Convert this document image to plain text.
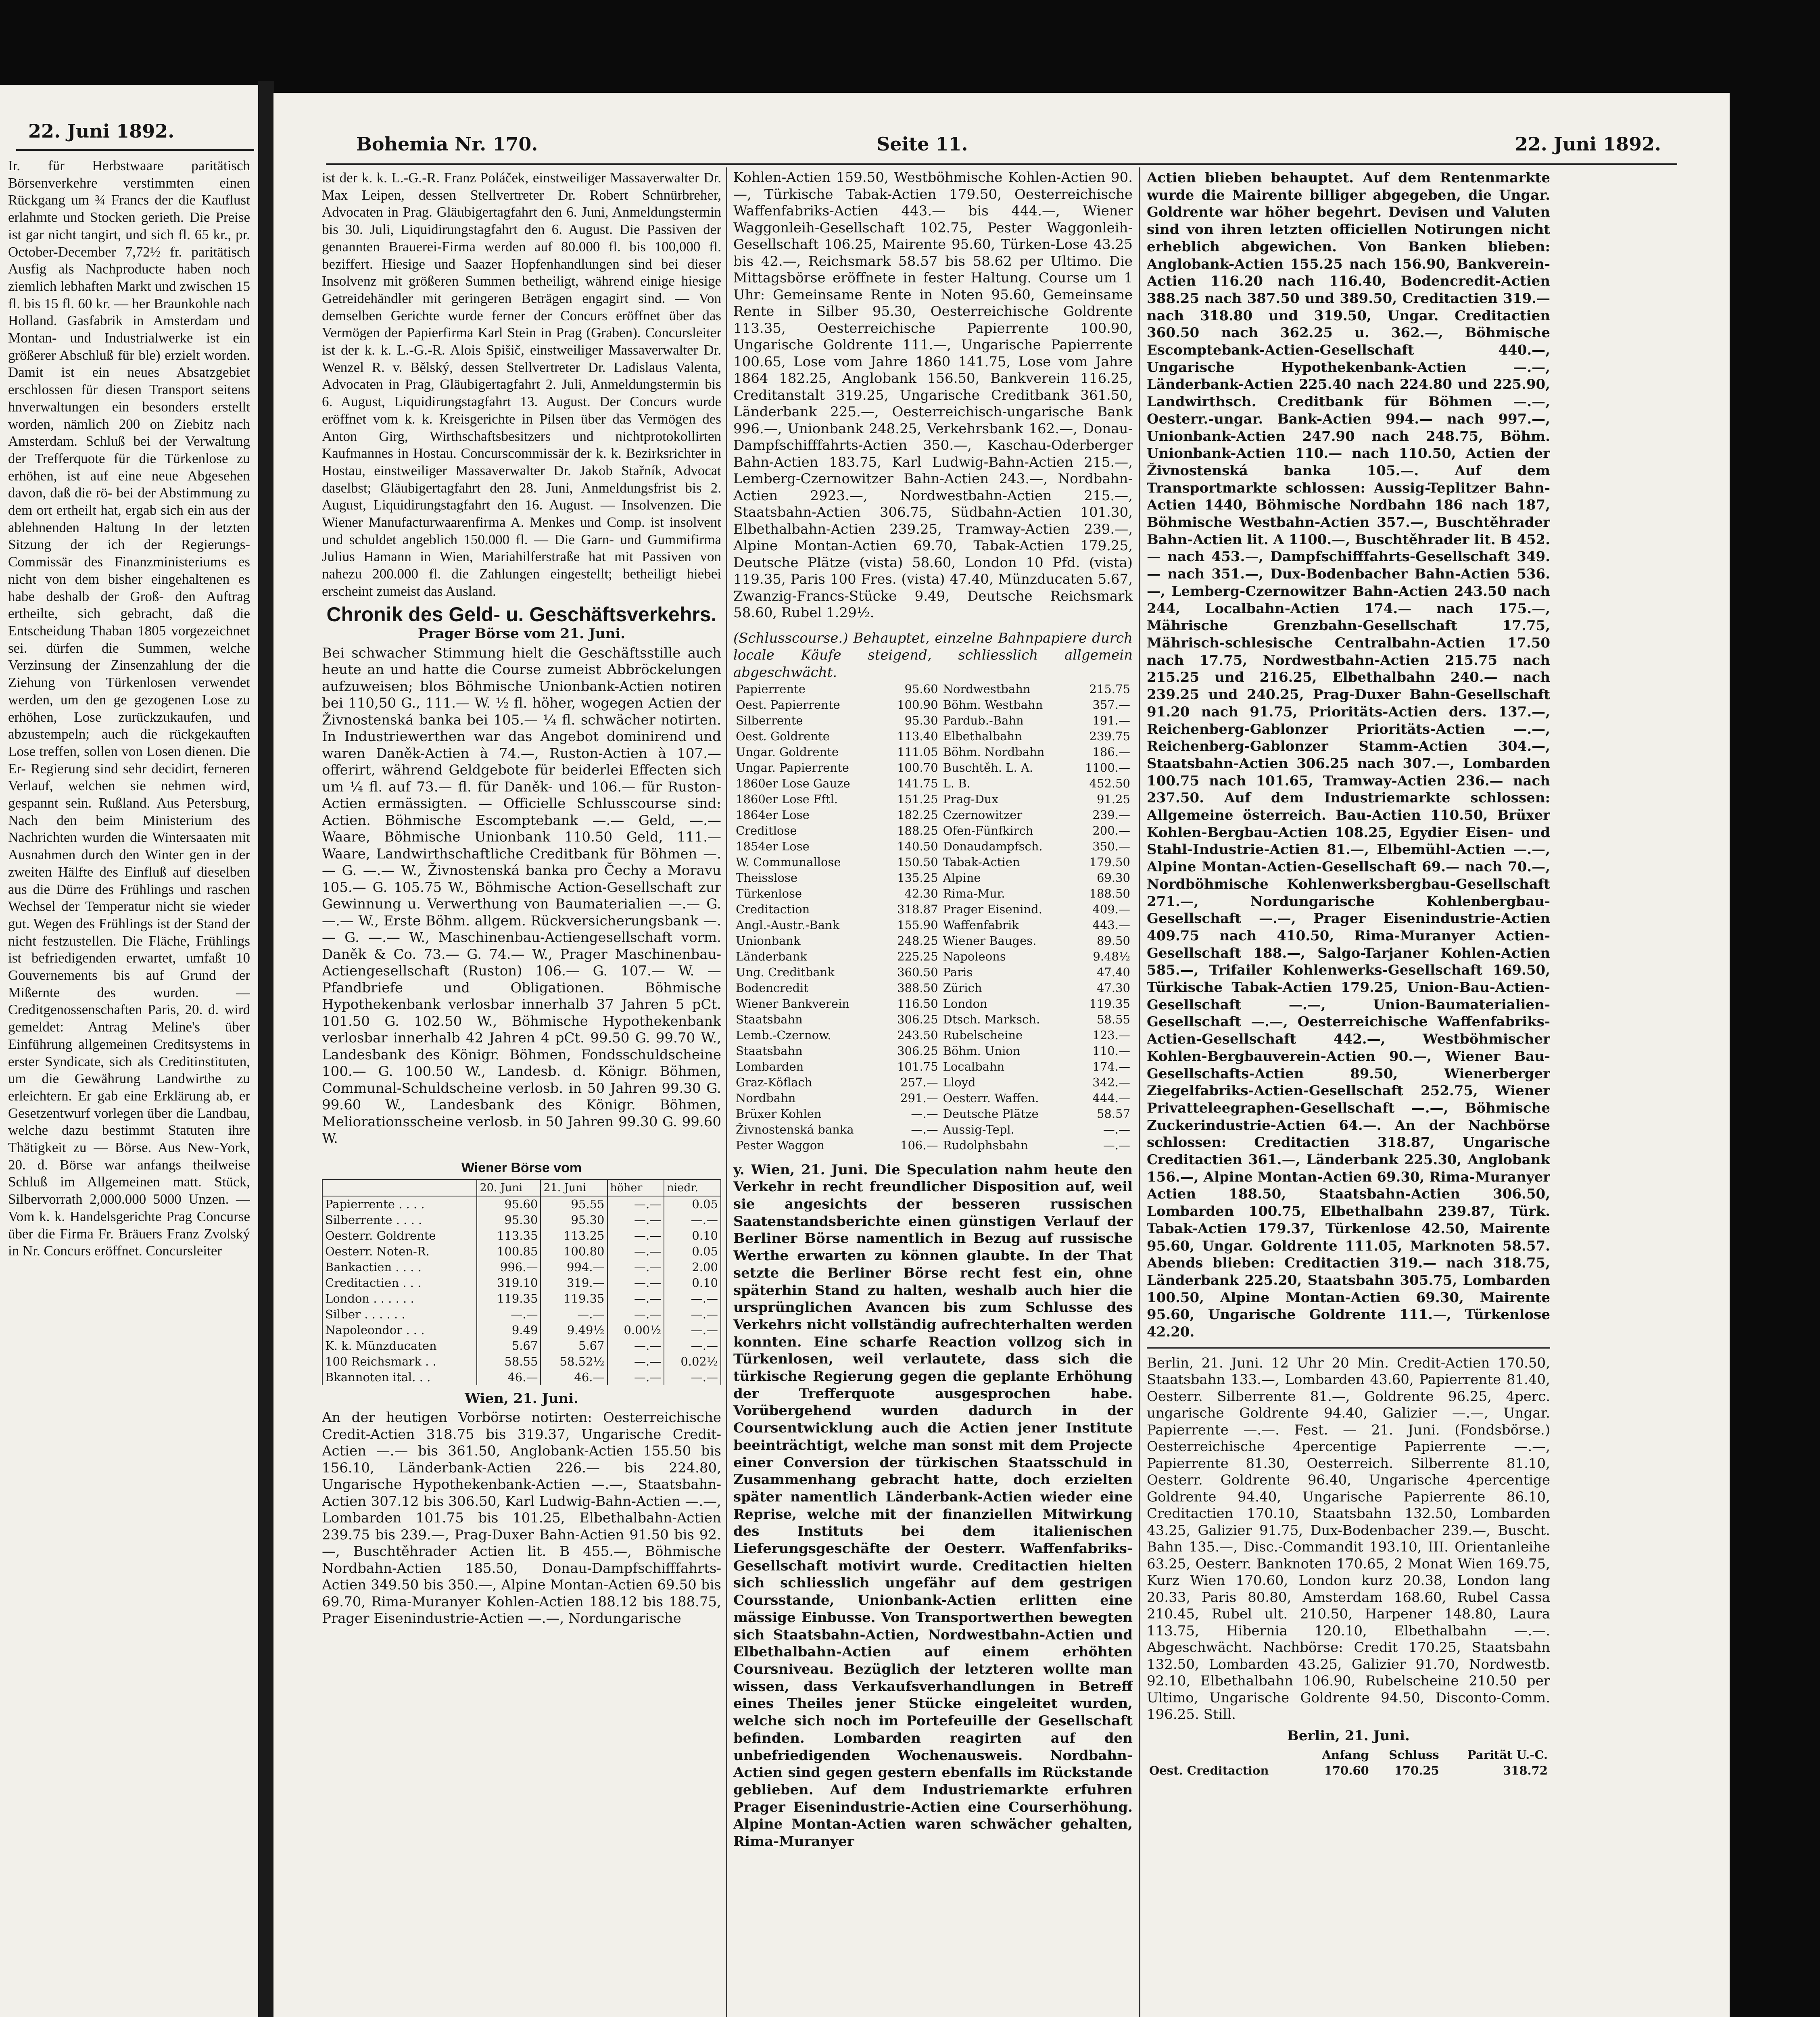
22. Juni 1892.
Ir. für Herbstwaare paritätisch Börsenverkehre verstimmten einen Rückgang um ¾ Francs der die Kauflust erlahmte und Stocken gerieth. Die Preise ist gar nicht tangirt, und sich fl. 65 kr., pr. October-December 7,72½ fr. paritätisch Ausfig als Nachproducte haben noch ziemlich lebhaften Markt und zwischen 15 fl. bis 15 fl. 60 kr. — her Braunkohle nach Holland. Gasfabrik in Amsterdam und Montan- und Industrialwerke ist ein größerer Abschluß für ble) erzielt worden. Damit ist ein neues Absatzgebiet erschlossen für diesen Transport seitens hnverwaltungen ein besonders erstellt worden, nämlich 200 on Ziebitz nach Amsterdam. Schluß bei der Verwaltung der Trefferquote für die Türkenlose zu erhöhen, ist auf eine neue Abgesehen davon, daß die rö- bei der Abstimmung zu dem ort ertheilt hat, ergab sich ein aus der ablehnenden Haltung In der letzten Sitzung der ich der Regierungs-Commissär des Finanzministeriums es nicht von dem bisher eingehaltenen es habe deshalb der Groß- den Auftrag ertheilte, sich gebracht, daß die Entscheidung Thaban 1805 vorgezeichnet sei. dürfen die Summen, welche Verzinsung der Zinsenzahlung der die Ziehung von Türkenlosen verwendet werden, um den ge gezogenen Lose zu erhöhen, Lose zurückzukaufen, und abzustempeln; auch die rückgekauften Lose treffen, sollen von Losen dienen. Die Er- Regierung sind sehr decidirt, ferneren Verlauf, welchen sie nehmen wird, gespannt sein. Rußland. Aus Petersburg, Nach den beim Ministerium des Nachrichten wurden die Wintersaaten mit Ausnahmen durch den Winter gen in der zweiten Hälfte des Einfluß auf dieselben aus die Dürre des Frühlings und raschen Wechsel der Temperatur nicht sie wieder gut. Wegen des Frühlings ist der Stand der nicht festzustellen. Die Fläche, Frühlings ist befriedigenden erwartet, umfaßt 10 Gouvernements bis auf Grund der Mißernte des wurden. — Creditgenossenschaften Paris, 20. d. wird gemeldet: Antrag Meline's über Einführung allgemeinen Creditsystems in erster Syndicate, sich als Creditinstituten, um die Gewährung Landwirthe zu erleichtern. Er gab eine Erklärung ab, er Gesetzentwurf vorlegen über die Landbau, welche dazu bestimmt Statuten ihre Thätigkeit zu — Börse. Aus New-York, 20. d. Börse war anfangs theilweise Schluß im Allgemeinen matt. Stück, Silbervorrath 2,000.000 5000 Unzen. — Vom k. k. Handelsgerichte Prag Concurse über die Firma Fr. Bräuers Franz Zvolský in Nr. Concurs eröffnet. Concursleiter
Bohemia Nr. 170.	Seite 11.	22. Juni 1892.
ist der k. k. L.-G.-R. Franz Poláček, einstweiliger Massaverwalter Dr. Max Leipen, dessen Stellvertreter Dr. Robert Schnürbreher, Advocaten in Prag. Gläubigertagfahrt den 6. Juni, Anmeldungstermin bis 30. Juli, Liquidirungstagfahrt den 6. August. Die Passiven der genannten Brauerei-Firma werden auf 80.000 fl. bis 100,000 fl. beziffert. Hiesige und Saazer Hopfenhandlungen sind bei dieser Insolvenz mit größeren Summen betheiligt, während einige hiesige Getreidehändler mit geringeren Beträgen engagirt sind. — Von demselben Gerichte wurde ferner der Concurs eröffnet über das Vermögen der Papierfirma Karl Stein in Prag (Graben). Concursleiter ist der k. k. L.-G.-R. Alois Spišič, einstweiliger Massaverwalter Dr. Wenzel R. v. Bělský, dessen Stellvertreter Dr. Ladislaus Valenta, Advocaten in Prag, Gläubigertagfahrt 2. Juli, Anmeldungstermin bis 6. August, Liquidirungstagfahrt 13. August. Der Concurs wurde eröffnet vom k. k. Kreisgerichte in Pilsen über das Vermögen des Anton Girg, Wirthschaftsbesitzers und nichtprotokollirten Kaufmannes in Hostau. Concurscommissär der k. k. Bezirksrichter in Hostau, einstweiliger Massaverwalter Dr. Jakob Stařník, Advocat daselbst; Gläubigertagfahrt den 28. Juni, Anmeldungsfrist bis 2. August, Liquidirungstagfahrt den 16. August. — Insolvenzen. Die Wiener Manufacturwaarenfirma A. Menkes und Comp. ist insolvent und schuldet angeblich 150.000 fl. — Die Garn- und Gummifirma Julius Hamann in Wien, Mariahilferstraße hat mit Passiven von nahezu 200.000 fl. die Zahlungen eingestellt; betheiligt hiebei erscheint zumeist das Ausland.
Chronik des Geld- u. Geschäftsverkehrs.
Prager Börse vom 21. Juni.
Bei schwacher Stimmung hielt die Geschäftsstille auch heute an und hatte die Course zumeist Abbröckelungen aufzuweisen; blos Böhmische Unionbank-Actien notiren bei 110,50 G., 111.— W. ½ fl. höher, wogegen Actien der Živnostenská banka bei 105.— ¼ fl. schwächer notirten. In Industriewerthen war das Angebot dominirend und waren Daněk-Actien à 74.—, Ruston-Actien à 107.— offerirt, während Geldgebote für beiderlei Effecten sich um ¼ fl. auf 73.— fl. für Daněk- und 106.— für Ruston-Actien ermässigten. — Officielle Schlusscourse sind: Actien. Böhmische Escomptebank —.— Geld, —.— Waare, Böhmische Unionbank 110.50 Geld, 111.— Waare, Landwirthschaftliche Creditbank für Böhmen —.— G. —.— W., Živnostenská banka pro Čechy a Moravu 105.— G. 105.75 W., Böhmische Action-Gesellschaft zur Gewinnung u. Verwerthung von Baumaterialien —.— G. —.— W., Erste Böhm. allgem. Rückversicherungsbank —.— G. —.— W., Maschinenbau-Actiengesellschaft vorm. Daněk & Co. 73.— G. 74.— W., Prager Maschinenbau-Actiengesellschaft (Ruston) 106.— G. 107.— W. — Pfandbriefe und Obligationen. Böhmische Hypothekenbank verlosbar innerhalb 37 Jahren 5 pCt. 101.50 G. 102.50 W., Böhmische Hypothekenbank verlosbar innerhalb 42 Jahren 4 pCt. 99.50 G. 99.70 W., Landesbank des Königr. Böhmen, Fondsschuldscheine 100.— G. 100.50 W., Landesb. d. Königr. Böhmen, Communal-Schuldscheine verlosb. in 50 Jahren 99.30 G. 99.60 W., Landesbank des Königr. Böhmen, Meliorationsscheine verlosb. in 50 Jahren 99.30 G. 99.60 W.
Wiener Börse vom
	20. Juni	21. Juni	höher	niedr.
Papierrente . . . .	95.60	95.55	—.—	0.05
Silberrente . . . .	95.30	95.30	—.—	—.—
Oesterr. Goldrente	113.35	113.25	—.—	0.10
Oesterr. Noten-R.	100.85	100.80	—.—	0.05
Bankactien . . . .	996.—	994.—	—.—	2.00
Creditactien . . .	319.10	319.—	—.—	0.10
London . . . . . .	119.35	119.35	—.—	—.—
Silber . . . . . .	—.—	—.—	—.—	—.—
Napoleondor . . .	9.49	9.49½	0.00½	—.—
K. k. Münzducaten	5.67	5.67	—.—	—.—
100 Reichsmark . .	58.55	58.52½	—.—	0.02½
Bkannoten ital. . .	46.—	46.—	—.—	—.—
Wien, 21. Juni.
An der heutigen Vorbörse notirten: Oesterreichische Credit-Actien 318.75 bis 319.37, Ungarische Credit-Actien —.— bis 361.50, Anglobank-Actien 155.50 bis 156.10, Länderbank-Actien 226.— bis 224.80, Ungarische Hypothekenbank-Actien —.—, Staatsbahn-Actien 307.12 bis 306.50, Karl Ludwig-Bahn-Actien —.—, Lombarden 101.75 bis 101.25, Elbethalbahn-Actien 239.75 bis 239.—, Prag-Duxer Bahn-Actien 91.50 bis 92.—, Buschtěhrader Actien lit. B 455.—, Böhmische Nordbahn-Actien 185.50, Donau-Dampfschifffahrts-Actien 349.50 bis 350.—, Alpine Montan-Actien 69.50 bis 69.70, Rima-Muranyer Kohlen-Actien 188.12 bis 188.75, Prager Eisenindustrie-Actien —.—, Nordungarische
Kohlen-Actien 159.50, Westböhmische Kohlen-Actien 90.—, Türkische Tabak-Actien 179.50, Oesterreichische Waffenfabriks-Actien 443.— bis 444.—, Wiener Waggonleih-Gesellschaft 102.75, Pester Waggonleih-Gesellschaft 106.25, Mairente 95.60, Türken-Lose 43.25 bis 42.—, Reichsmark 58.57 bis 58.62 per Ultimo. Die Mittagsbörse eröffnete in fester Haltung. Course um 1 Uhr: Gemeinsame Rente in Noten 95.60, Gemeinsame Rente in Silber 95.30, Oesterreichische Goldrente 113.35, Oesterreichische Papierrente 100.90, Ungarische Goldrente 111.—, Ungarische Papierrente 100.65, Lose vom Jahre 1860 141.75, Lose vom Jahre 1864 182.25, Anglobank 156.50, Bankverein 116.25, Creditanstalt 319.25, Ungarische Creditbank 361.50, Länderbank 225.—, Oesterreichisch-ungarische Bank 996.—, Unionbank 248.25, Verkehrsbank 162.—, Donau-Dampfschifffahrts-Actien 350.—, Kaschau-Oderberger Bahn-Actien 183.75, Karl Ludwig-Bahn-Actien 215.—, Lemberg-Czernowitzer Bahn-Actien 243.—, Nordbahn-Actien 2923.—, Nordwestbahn-Actien 215.—, Staatsbahn-Actien 306.75, Südbahn-Actien 101.30, Elbethalbahn-Actien 239.25, Tramway-Actien 239.—, Alpine Montan-Actien 69.70, Tabak-Actien 179.25, Deutsche Plätze (vista) 58.60, London 10 Pfd. (vista) 119.35, Paris 100 Fres. (vista) 47.40, Münzducaten 5.67, Zwanzig-Francs-Stücke 9.49, Deutsche Reichsmark 58.60, Rubel 1.29½.
(Schlusscourse.) Behauptet, einzelne Bahnpapiere durch locale Käufe steigend, schliesslich allgemein abgeschwächt.
Papierrente	95.60	Nordwestbahn	215.75
Oest. Papierrente	100.90	Böhm. Westbahn	357.—
Silberrente	95.30	Pardub.-Bahn	191.—
Oest. Goldrente	113.40	Elbethalbahn	239.75
Ungar. Goldrente	111.05	Böhm. Nordbahn	186.—
Ungar. Papierrente	100.70	Buschtěh. L. A.	1100.—
1860er Lose Gauze	141.75	L. B.	452.50
1860er Lose Fftl.	151.25	Prag-Dux	91.25
1864er Lose	182.25	Czernowitzer	239.—
Creditlose	188.25	Ofen-Fünfkirch	200.—
1854er Lose	140.50	Donaudampfsch.	350.—
W. Communallose	150.50	Tabak-Actien	179.50
Theisslose	135.25	Alpine	69.30
Türkenlose	42.30	Rima-Mur.	188.50
Creditaction	318.87	Prager Eisenind.	409.—
Angl.-Austr.-Bank	155.90	Waffenfabrik	443.—
Unionbank	248.25	Wiener Bauges.	89.50
Länderbank	225.25	Napoleons	9.48½
Ung. Creditbank	360.50	Paris	47.40
Bodencredit	388.50	Zürich	47.30
Wiener Bankverein	116.50	London	119.35
Staatsbahn	306.25	Dtsch. Marksch.	58.55
Lemb.-Czernow.	243.50	Rubelscheine	123.—
Staatsbahn	306.25	Böhm. Union	110.—
Lombarden	101.75	Localbahn	174.—
Graz-Köflach	257.—	Lloyd	342.—
Nordbahn	291.—	Oesterr. Waffen.	444.—
Brüxer Kohlen	—.—	Deutsche Plätze	58.57
Živnostenská banka	—.—	Aussig-Tepl.	—.—
Pester Waggon	106.—	Rudolphsbahn	—.—
y. Wien, 21. Juni. Die Speculation nahm heute den Verkehr in recht freundlicher Disposition auf, weil sie angesichts der besseren russischen Saatenstandsberichte einen günstigen Verlauf der Berliner Börse namentlich in Bezug auf russische Werthe erwarten zu können glaubte. In der That setzte die Berliner Börse recht fest ein, ohne späterhin Stand zu halten, weshalb auch hier die ursprünglichen Avancen bis zum Schlusse des Verkehrs nicht vollständig aufrechterhalten werden konnten. Eine scharfe Reaction vollzog sich in Türkenlosen, weil verlautete, dass sich die türkische Regierung gegen die geplante Erhöhung der Trefferquote ausgesprochen habe. Vorübergehend wurden dadurch in der Coursentwicklung auch die Actien jener Institute beeinträchtigt, welche man sonst mit dem Projecte einer Conversion der türkischen Staatsschuld in Zusammenhang gebracht hatte, doch erzielten später namentlich Länderbank-Actien wieder eine Reprise, welche mit der finanziellen Mitwirkung des Instituts bei dem italienischen Lieferungsgeschäfte der Oesterr. Waffenfabriks-Gesellschaft motivirt wurde. Creditactien hielten sich schliesslich ungefähr auf dem gestrigen Coursstande, Unionbank-Actien erlitten eine mässige Einbusse. Von Transportwerthen bewegten sich Staatsbahn-Actien, Nordwestbahn-Actien und Elbethalbahn-Actien auf einem erhöhten Coursniveau. Bezüglich der letzteren wollte man wissen, dass Verkaufsverhandlungen in Betreff eines Theiles jener Stücke eingeleitet wurden, welche sich noch im Portefeuille der Gesellschaft befinden. Lombarden reagirten auf den unbefriedigenden Wochenausweis. Nordbahn-Actien sind gegen gestern ebenfalls im Rückstande geblieben. Auf dem Industriemarkte erfuhren Prager Eisenindustrie-Actien eine Courserhöhung. Alpine Montan-Actien waren schwächer gehalten, Rima-Muranyer
Actien blieben behauptet. Auf dem Rentenmarkte wurde die Mairente billiger abgegeben, die Ungar. Goldrente war höher begehrt. Devisen und Valuten sind von ihren letzten officiellen Notirungen nicht erheblich abgewichen. Von Banken blieben: Anglobank-Actien 155.25 nach 156.90, Bankverein-Actien 116.20 nach 116.40, Bodencredit-Actien 388.25 nach 387.50 und 389.50, Creditactien 319.— nach 318.80 und 319.50, Ungar. Creditactien 360.50 nach 362.25 u. 362.—, Böhmische Escomptebank-Actien-Gesellschaft 440.—, Ungarische Hypothekenbank-Actien —.—, Länderbank-Actien 225.40 nach 224.80 und 225.90, Landwirthsch. Creditbank für Böhmen —.—, Oesterr.-ungar. Bank-Actien 994.— nach 997.—, Unionbank-Actien 247.90 nach 248.75, Böhm. Unionbank-Actien 110.— nach 110.50, Actien der Živnostenská banka 105.—. Auf dem Transportmarkte schlossen: Aussig-Teplitzer Bahn-Actien 1440, Böhmische Nordbahn 186 nach 187, Böhmische Westbahn-Actien 357.—, Buschtěhrader Bahn-Actien lit. A 1100.—, Buschtěhrader lit. B 452.— nach 453.—, Dampfschifffahrts-Gesellschaft 349.— nach 351.—, Dux-Bodenbacher Bahn-Actien 536.—, Lemberg-Czernowitzer Bahn-Actien 243.50 nach 244, Localbahn-Actien 174.— nach 175.—, Mährische Grenzbahn-Gesellschaft 17.75, Mährisch-schlesische Centralbahn-Actien 17.50 nach 17.75, Nordwestbahn-Actien 215.75 nach 215.25 und 216.25, Elbethalbahn 240.— nach 239.25 und 240.25, Prag-Duxer Bahn-Gesellschaft 91.20 nach 91.75, Prioritäts-Actien ders. 137.—, Reichenberg-Gablonzer Prioritäts-Actien —.—, Reichenberg-Gablonzer Stamm-Actien 304.—, Staatsbahn-Actien 306.25 nach 307.—, Lombarden 100.75 nach 101.65, Tramway-Actien 236.— nach 237.50. Auf dem Industriemarkte schlossen: Allgemeine österreich. Bau-Actien 110.50, Brüxer Kohlen-Bergbau-Actien 108.25, Egydier Eisen- und Stahl-Industrie-Actien 81.—, Elbemühl-Actien —.—, Alpine Montan-Actien-Gesellschaft 69.— nach 70.—, Nordböhmische Kohlenwerksbergbau-Gesellschaft 271.—, Nordungarische Kohlenbergbau-Gesellschaft —.—, Prager Eisenindustrie-Actien 409.75 nach 410.50, Rima-Muranyer Actien-Gesellschaft 188.—, Salgo-Tarjaner Kohlen-Actien 585.—, Trifailer Kohlenwerks-Gesellschaft 169.50, Türkische Tabak-Actien 179.25, Union-Bau-Actien-Gesellschaft —.—, Union-Baumaterialien-Gesellschaft —.—, Oesterreichische Waffenfabriks-Actien-Gesellschaft 442.—, Westböhmischer Kohlen-Bergbauverein-Actien 90.—, Wiener Bau-Gesellschafts-Actien 89.50, Wienerberger Ziegelfabriks-Actien-Gesellschaft 252.75, Wiener Privatteleegraphen-Gesellschaft —.—, Böhmische Zuckerindustrie-Actien 64.—. An der Nachbörse schlossen: Creditactien 318.87, Ungarische Creditactien 361.—, Länderbank 225.30, Anglobank 156.—, Alpine Montan-Actien 69.30, Rima-Muranyer Actien 188.50, Staatsbahn-Actien 306.50, Lombarden 100.75, Elbethalbahn 239.87, Türk. Tabak-Actien 179.37, Türkenlose 42.50, Mairente 95.60, Ungar. Goldrente 111.05, Marknoten 58.57. Abends blieben: Creditactien 319.— nach 318.75, Länderbank 225.20, Staatsbahn 305.75, Lombarden 100.50, Alpine Montan-Actien 69.30, Mairente 95.60, Ungarische Goldrente 111.—, Türkenlose 42.20.
Berlin, 21. Juni. 12 Uhr 20 Min. Credit-Actien 170.50, Staatsbahn 133.—, Lombarden 43.60, Papierrente 81.40, Oesterr. Silberrente 81.—, Goldrente 96.25, 4perc. ungarische Goldrente 94.40, Galizier —.—, Ungar. Papierrente —.—. Fest. — 21. Juni. (Fondsbörse.) Oesterreichische 4percentige Papierrente —.—, Papierrente 81.30, Oesterreich. Silberrente 81.10, Oesterr. Goldrente 96.40, Ungarische 4percentige Goldrente 94.40, Ungarische Papierrente 86.10, Creditactien 170.10, Staatsbahn 132.50, Lombarden 43.25, Galizier 91.75, Dux-Bodenbacher 239.—, Buscht. Bahn 135.—, Disc.-Commandit 193.10, III. Orientanleihe 63.25, Oesterr. Banknoten 170.65, 2 Monat Wien 169.75, Kurz Wien 170.60, London kurz 20.38, London lang 20.33, Paris 80.80, Amsterdam 168.60, Rubel Cassa 210.45, Rubel ult. 210.50, Harpener 148.80, Laura 113.75, Hibernia 120.10, Elbethalbahn —.—. Abgeschwächt. Nachbörse: Credit 170.25, Staatsbahn 132.50, Lombarden 43.25, Galizier 91.70, Nordwestb. 92.10, Elbethalbahn 106.90, Rubelscheine 210.50 per Ultimo, Ungarische Goldrente 94.50, Disconto-Comm. 196.25. Still.
Berlin, 21. Juni.
	Anfang	Schluss	Parität U.-C.
Oest. Creditaction	170.60	170.25	318.72
